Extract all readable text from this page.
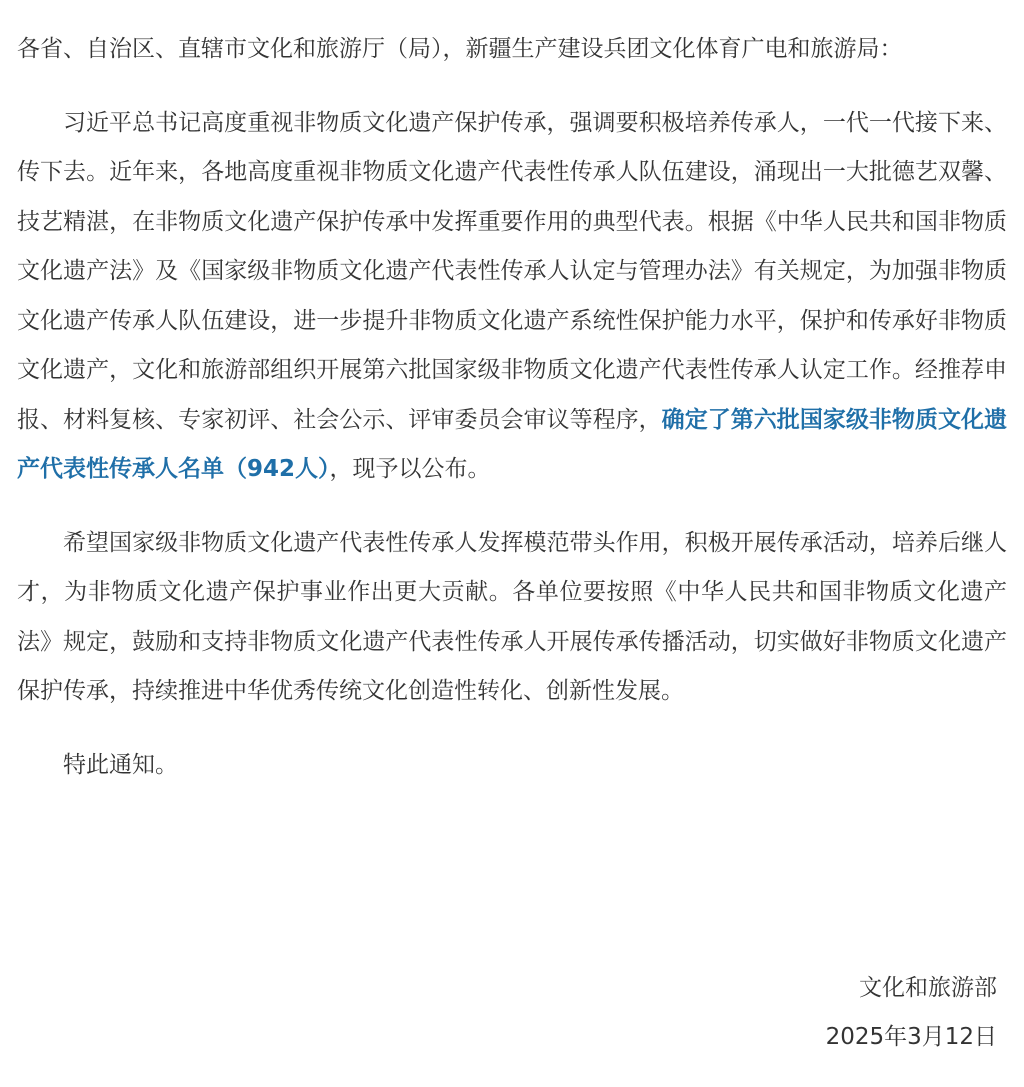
各省、自治区、直辖市文化和旅游厅（局），新疆生产建设兵团文化体育广电和旅游局：

习近平总书记高度重视非物质文化遗产保护传承，强调要积极培养传承人，一代一代接下来、传下去。近年来，各地高度重视非物质文化遗产代表性传承人队伍建设，涌现出一大批德艺双馨、技艺精湛，在非物质文化遗产保护传承中发挥重要作用的典型代表。根据《中华人民共和国非物质文化遗产法》及《国家级非物质文化遗产代表性传承人认定与管理办法》有关规定，为加强非物质文化遗产传承人队伍建设，进一步提升非物质文化遗产系统性保护能力水平，保护和传承好非物质文化遗产，文化和旅游部组织开展第六批国家级非物质文化遗产代表性传承人认定工作。经推荐申报、材料复核、专家初评、社会公示、评审委员会审议等程序，确定了第六批国家级非物质文化遗产代表性传承人名单（942人），现予以公布。

希望国家级非物质文化遗产代表性传承人发挥模范带头作用，积极开展传承活动，培养后继人才，为非物质文化遗产保护事业作出更大贡献。各单位要按照《中华人民共和国非物质文化遗产法》规定，鼓励和支持非物质文化遗产代表性传承人开展传承传播活动，切实做好非物质文化遗产保护传承，持续推进中华优秀传统文化创造性转化、创新性发展。

特此通知。

文化和旅游部
2025年3月12日
